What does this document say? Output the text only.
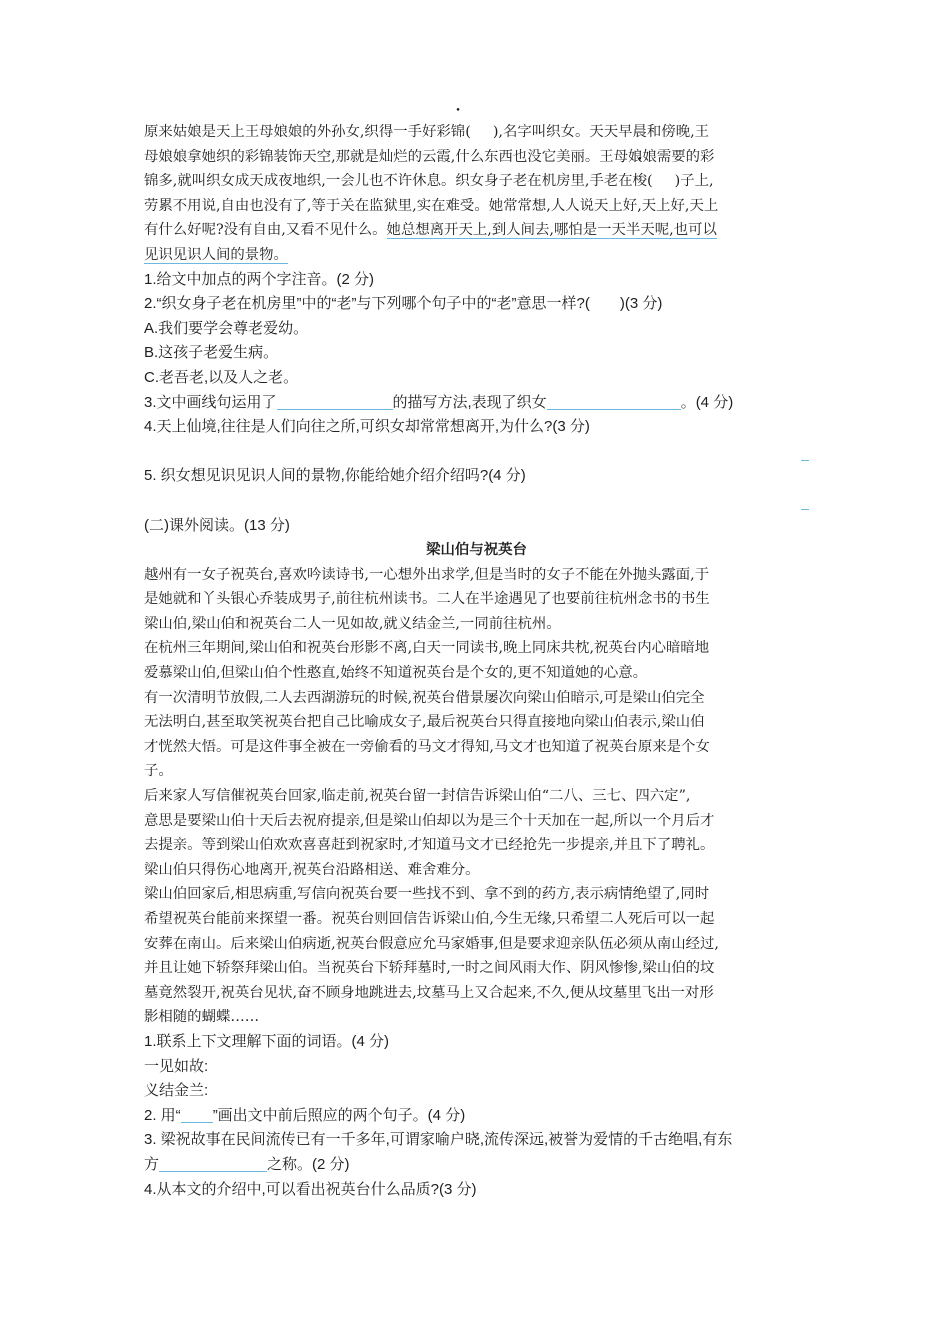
原来姑娘是天上王母娘娘的外孙女,织得一手好彩锦( ),名字叫织女。天天早晨和傍晚,王
母娘娘拿她织的彩锦装饰天空,那就是灿烂的云霞,什么东西也没它美丽。王母娘娘需要的彩
锦多,就叫织女成天成夜地织,一会儿也不许休息。织女身子老在机房里,手老在梭( )子上,
劳累不用说,自由也没有了,等于关在监狱里,实在难受。她常常想,人人说天上好,天上好,天上
有什么好呢?没有自由,又看不见什么。她总想离开天上,到人间去,哪怕是一天半天呢,也可以
见识见识人间的景物。
1.给文中加点的两个字注音。(2 分)
2.“织女身子老在机房里”中的“老”与下列哪个句子中的“老”意思一样?( )(3 分)
A.我们要学会尊老爱幼。
B.这孩子老爱生病。
C.老吾老,以及人之老。
3.文中画线句运用了	的描写方法,表现了织女	。(4 分)
4.天上仙境,往往是人们向往之所,可织女却常常想离开,为什么?(3 分)
5. 织女想见识见识人间的景物,你能给她介绍介绍吗?(4 分)
(二)课外阅读。(13 分)
梁山伯与祝英台
越州有一女子祝英台,喜欢吟读诗书,一心想外出求学,但是当时的女子不能在外抛头露面,于
是她就和丫头银心乔装成男子,前往杭州读书。二人在半途遇见了也要前往杭州念书的书生
梁山伯,梁山伯和祝英台二人一见如故,就义结金兰,一同前往杭州。
在杭州三年期间,梁山伯和祝英台形影不离,白天一同读书,晚上同床共枕,祝英台内心暗暗地
爱慕梁山伯,但梁山伯个性憨直,始终不知道祝英台是个女的,更不知道她的心意。
有一次清明节放假,二人去西湖游玩的时候,祝英台借景屡次向梁山伯暗示,可是梁山伯完全
无法明白,甚至取笑祝英台把自己比喻成女子,最后祝英台只得直接地向梁山伯表示,梁山伯
才恍然大悟。可是这件事全被在一旁偷看的马文才得知,马文才也知道了祝英台原来是个女
子。
后来家人写信催祝英台回家,临走前,祝英台留一封信告诉梁山伯“二八、三七、四六定”,
意思是要梁山伯十天后去祝府提亲,但是梁山伯却以为是三个十天加在一起,所以一个月后才
去提亲。等到梁山伯欢欢喜喜赶到祝家时,才知道马文才已经抢先一步提亲,并且下了聘礼。
梁山伯只得伤心地离开,祝英台沿路相送、难舍难分。
梁山伯回家后,相思病重,写信向祝英台要一些找不到、拿不到的药方,表示病情绝望了,同时
希望祝英台能前来探望一番。祝英台则回信告诉梁山伯,今生无缘,只希望二人死后可以一起
安葬在南山。后来梁山伯病逝,祝英台假意应允马家婚事,但是要求迎亲队伍必须从南山经过,
并且让她下轿祭拜梁山伯。当祝英台下轿拜墓时,一时之间风雨大作、阴风惨惨,梁山伯的坟
墓竟然裂开,祝英台见状,奋不顾身地跳进去,坟墓马上又合起来,不久,便从坟墓里飞出一对形
影相随的蝴蝶……
1.联系上下文理解下面的词语。(4 分)
一见如故:
义结金兰:
2. 用“ ”画出文中前后照应的两个句子。(4 分)
3. 梁祝故事在民间流传已有一千多年,可谓家喻户晓,流传深远,被誉为爱情的千古绝唱,有东
方	之称。(2 分)
4.从本文的介绍中,可以看出祝英台什么品质?(3 分)
